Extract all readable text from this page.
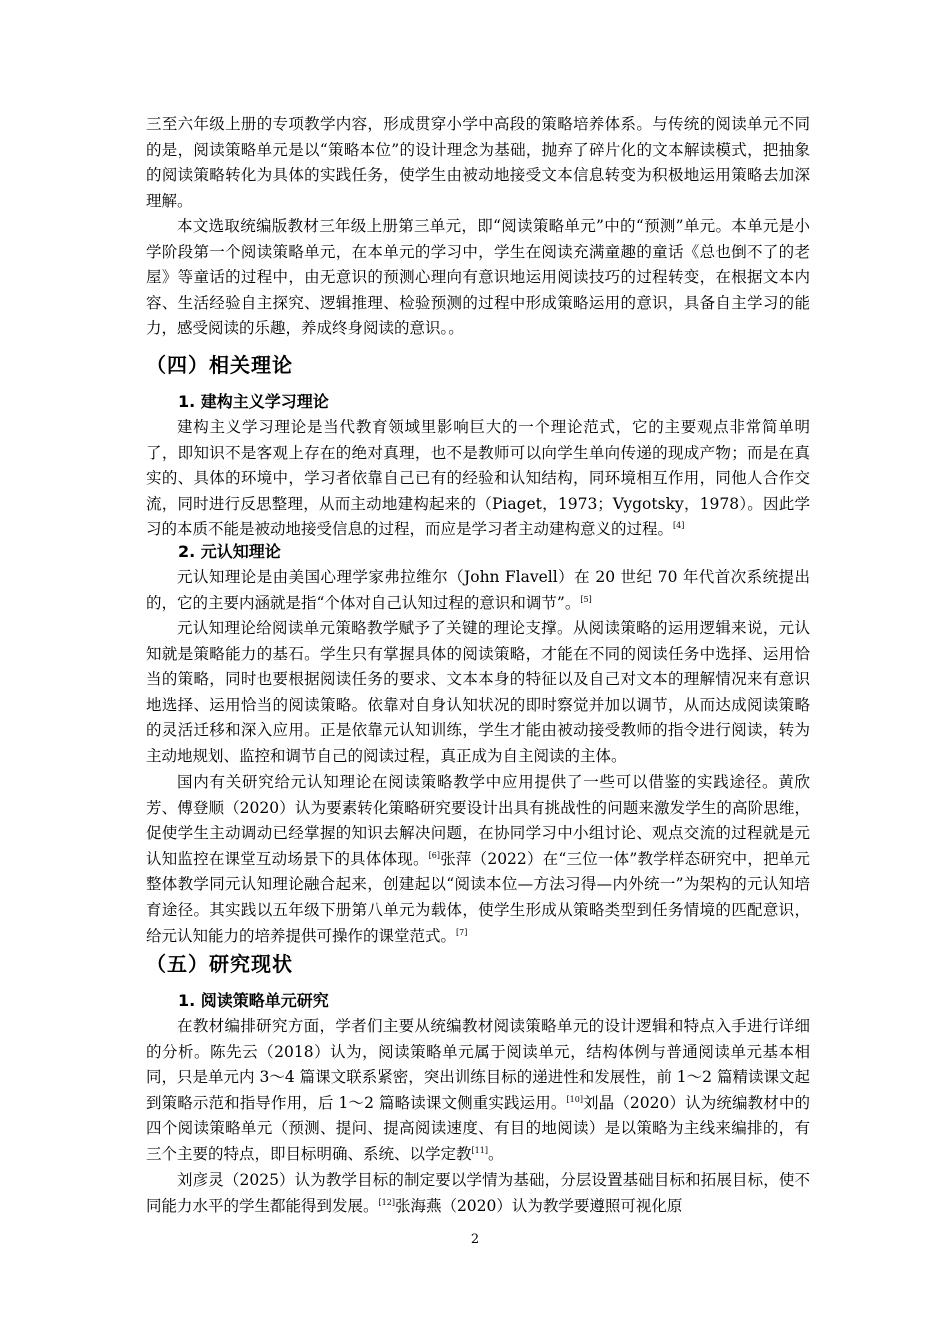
三至六年级上册的专项教学内容，形成贯穿小学中高段的策略培养体系。与传统的阅读单元不同的是，阅读策略单元是以“策略本位”的设计理念为基础，抛弃了碎片化的文本解读模式，把抽象的阅读策略转化为具体的实践任务，使学生由被动地接受文本信息转变为积极地运用策略去加深理解。
本文选取统编版教材三年级上册第三单元，即“阅读策略单元”中的“预测”单元。本单元是小学阶段第一个阅读策略单元，在本单元的学习中，学生在阅读充满童趣的童话《总也倒不了的老屋》等童话的过程中，由无意识的预测心理向有意识地运用阅读技巧的过程转变，在根据文本内容、生活经验自主探究、逻辑推理、检验预测的过程中形成策略运用的意识，具备自主学习的能力，感受阅读的乐趣，养成终身阅读的意识。。
（四）相关理论
1. 建构主义学习理论
建构主义学习理论是当代教育领域里影响巨大的一个理论范式，它的主要观点非常简单明了，即知识不是客观上存在的绝对真理，也不是教师可以向学生单向传递的现成产物；而是在真实的、具体的环境中，学习者依靠自己已有的经验和认知结构，同环境相互作用，同他人合作交流，同时进行反思整理，从而主动地建构起来的（Piaget，1973；Vygotsky，1978）。因此学习的本质不能是被动地接受信息的过程，而应是学习者主动建构意义的过程。[4]
2. 元认知理论
元认知理论是由美国心理学家弗拉维尔（John Flavell）在 20 世纪 70 年代首次系统提出的，它的主要内涵就是指“个体对自己认知过程的意识和调节”。[5]
元认知理论给阅读单元策略教学赋予了关键的理论支撑。从阅读策略的运用逻辑来说，元认知就是策略能力的基石。学生只有掌握具体的阅读策略，才能在不同的阅读任务中选择、运用恰当的策略，同时也要根据阅读任务的要求、文本本身的特征以及自己对文本的理解情况来有意识地选择、运用恰当的阅读策略。依靠对自身认知状况的即时察觉并加以调节，从而达成阅读策略的灵活迁移和深入应用。正是依靠元认知训练，学生才能由被动接受教师的指令进行阅读，转为主动地规划、监控和调节自己的阅读过程，真正成为自主阅读的主体。
国内有关研究给元认知理论在阅读策略教学中应用提供了一些可以借鉴的实践途径。黄欣芳、傅登顺（2020）认为要素转化策略研究要设计出具有挑战性的问题来激发学生的高阶思维，促使学生主动调动已经掌握的知识去解决问题，在协同学习中小组讨论、观点交流的过程就是元认知监控在课堂互动场景下的具体体现。[6]张萍（2022）在“三位一体”教学样态研究中，把单元整体教学同元认知理论融合起来，创建起以“阅读本位—方法习得—内外统一”为架构的元认知培育途径。其实践以五年级下册第八单元为载体，使学生形成从策略类型到任务情境的匹配意识，给元认知能力的培养提供可操作的课堂范式。[7]
（五）研究现状
1. 阅读策略单元研究
在教材编排研究方面，学者们主要从统编教材阅读策略单元的设计逻辑和特点入手进行详细的分析。陈先云（2018）认为，阅读策略单元属于阅读单元，结构体例与普通阅读单元基本相同，只是单元内 3～4 篇课文联系紧密，突出训练目标的递进性和发展性，前 1～2 篇精读课文起到策略示范和指导作用，后 1～2 篇略读课文侧重实践运用。[10]刘晶（2020）认为统编教材中的四个阅读策略单元（预测、提问、提高阅读速度、有目的地阅读）是以策略为主线来编排的，有三个主要的特点，即目标明确、系统、以学定教[11]。
刘彦灵（2025）认为教学目标的制定要以学情为基础，分层设置基础目标和拓展目标，使不同能力水平的学生都能得到发展。[12]张海燕（2020）认为教学要遵照可视化原
2
